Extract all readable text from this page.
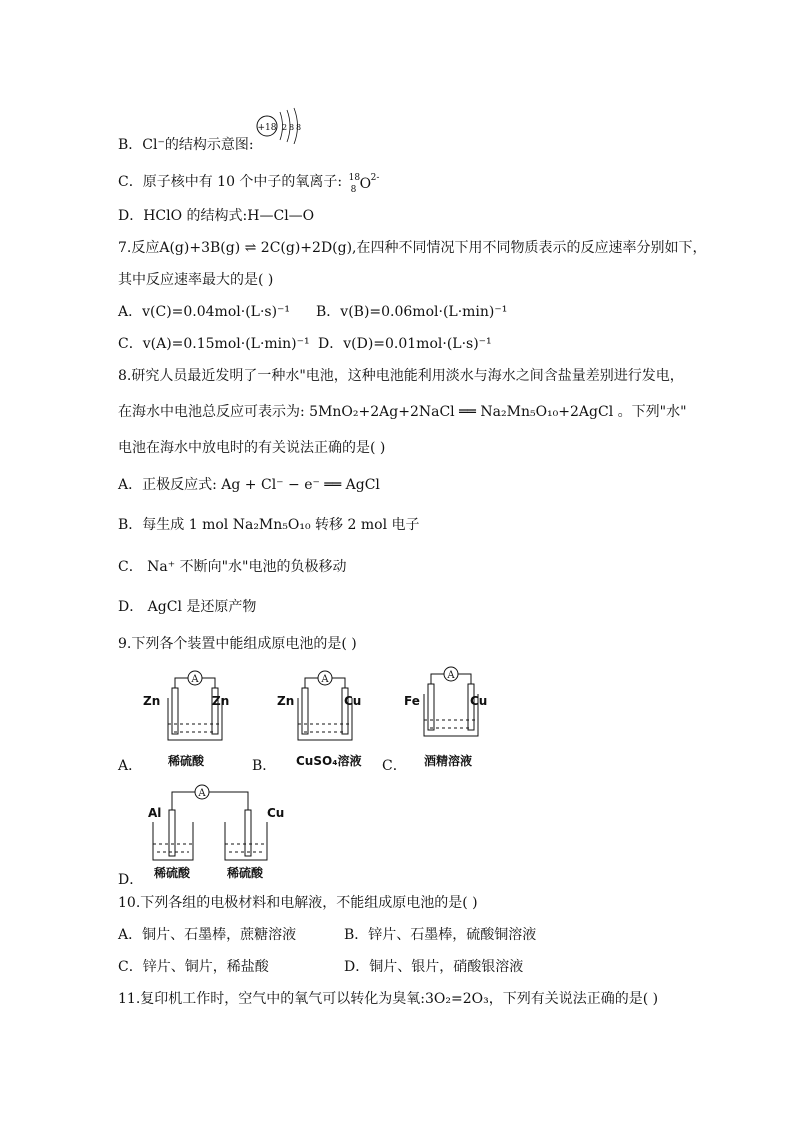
B．Cl⁻的结构示意图:
+18 2 8 8
C．原子核中有 10 个中子的氧离子: 18
8 O 2-
D．HClO 的结构式:H—Cl—O
7.反应A(g)+3B(g) ⇌ 2C(g)+2D(g),在四种不同情况下用不同物质表示的反应速率分别如下，
其中反应速率最大的是( )
A．v(C)=0.04mol·(L·s)⁻¹ B．v(B)=0.06mol·(L·min)⁻¹
C．v(A)=0.15mol·(L·min)⁻¹ D．v(D)=0.01mol·(L·s)⁻¹
8.研究人员最近发明了一种水"电池，这种电池能利用淡水与海水之间含盐量差别进行发电，
在海水中电池总反应可表示为: 5MnO₂+2Ag+2NaCl ══ Na₂Mn₅O₁₀+2AgCl 。下列"水"
电池在海水中放电时的有关说法正确的是( )
A．正极反应式: Ag + Cl⁻ − e⁻ ══ AgCl
B．每生成 1 mol Na₂Mn₅O₁₀ 转移 2 mol 电子
C． Na⁺ 不断向"水"电池的负极移动
D． AgCl 是还原产物
9.下列各个装置中能组成原电池的是( )
A．
A
Zn	Zn
稀硫酸	B．
A
Zn	Cu
CuSO₄溶液 C．
A
Fe	Cu
酒精溶液
D．
A
Al	Cu
稀硫酸	稀硫酸
10.下列各组的电极材料和电解液，不能组成原电池的是( )
A．铜片、石墨棒，蔗糖溶液	B．锌片、石墨棒，硫酸铜溶液
C．锌片、铜片，稀盐酸	D．铜片、银片，硝酸银溶液
11.复印机工作时，空气中的氧气可以转化为臭氧:3O₂=2O₃，下列有关说法正确的是( )
